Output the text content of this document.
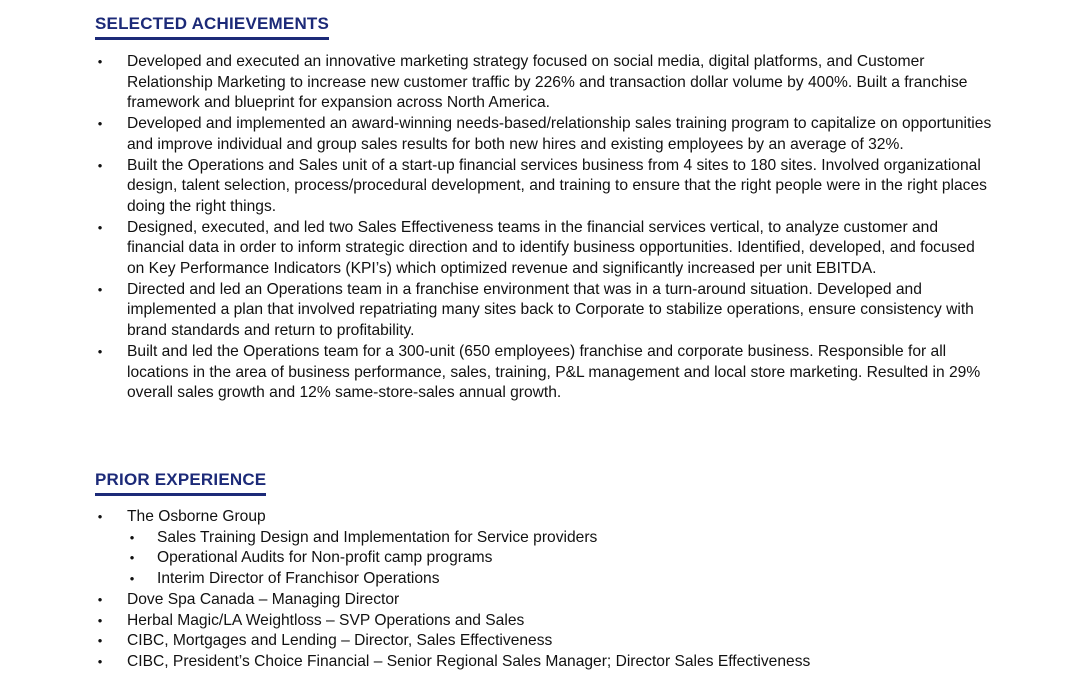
SELECTED ACHIEVEMENTS
• Developed and executed an innovative marketing strategy focused on social media, digital platforms, and Customer Relationship Marketing to increase new customer traffic by 226% and transaction dollar volume by 400%. Built a franchise framework and blueprint for expansion across North America.
• Developed and implemented an award-winning needs-based/relationship sales training program to capitalize on opportunities and improve individual and group sales results for both new hires and existing employees by an average of 32%.
• Built the Operations and Sales unit of a start-up financial services business from 4 sites to 180 sites. Involved organizational design, talent selection, process/procedural development, and training to ensure that the right people were in the right places doing the right things.
• Designed, executed, and led two Sales Effectiveness teams in the financial services vertical, to analyze customer and financial data in order to inform strategic direction and to identify business opportunities. Identified, developed, and focused on Key Performance Indicators (KPI’s) which optimized revenue and significantly increased per unit EBITDA.
• Directed and led an Operations team in a franchise environment that was in a turn-around situation. Developed and implemented a plan that involved repatriating many sites back to Corporate to stabilize operations, ensure consistency with brand standards and return to profitability.
• Built and led the Operations team for a 300-unit (650 employees) franchise and corporate business. Responsible for all locations in the area of business performance, sales, training, P&L management and local store marketing. Resulted in 29% overall sales growth and 12% same-store-sales annual growth.
PRIOR EXPERIENCE
• The Osborne Group
• Sales Training Design and Implementation for Service providers
• Operational Audits for Non-profit camp programs
• Interim Director of Franchisor Operations
• Dove Spa Canada – Managing Director
• Herbal Magic/LA Weightloss – SVP Operations and Sales
• CIBC, Mortgages and Lending – Director, Sales Effectiveness
• CIBC, President’s Choice Financial – Senior Regional Sales Manager; Director Sales Effectiveness
